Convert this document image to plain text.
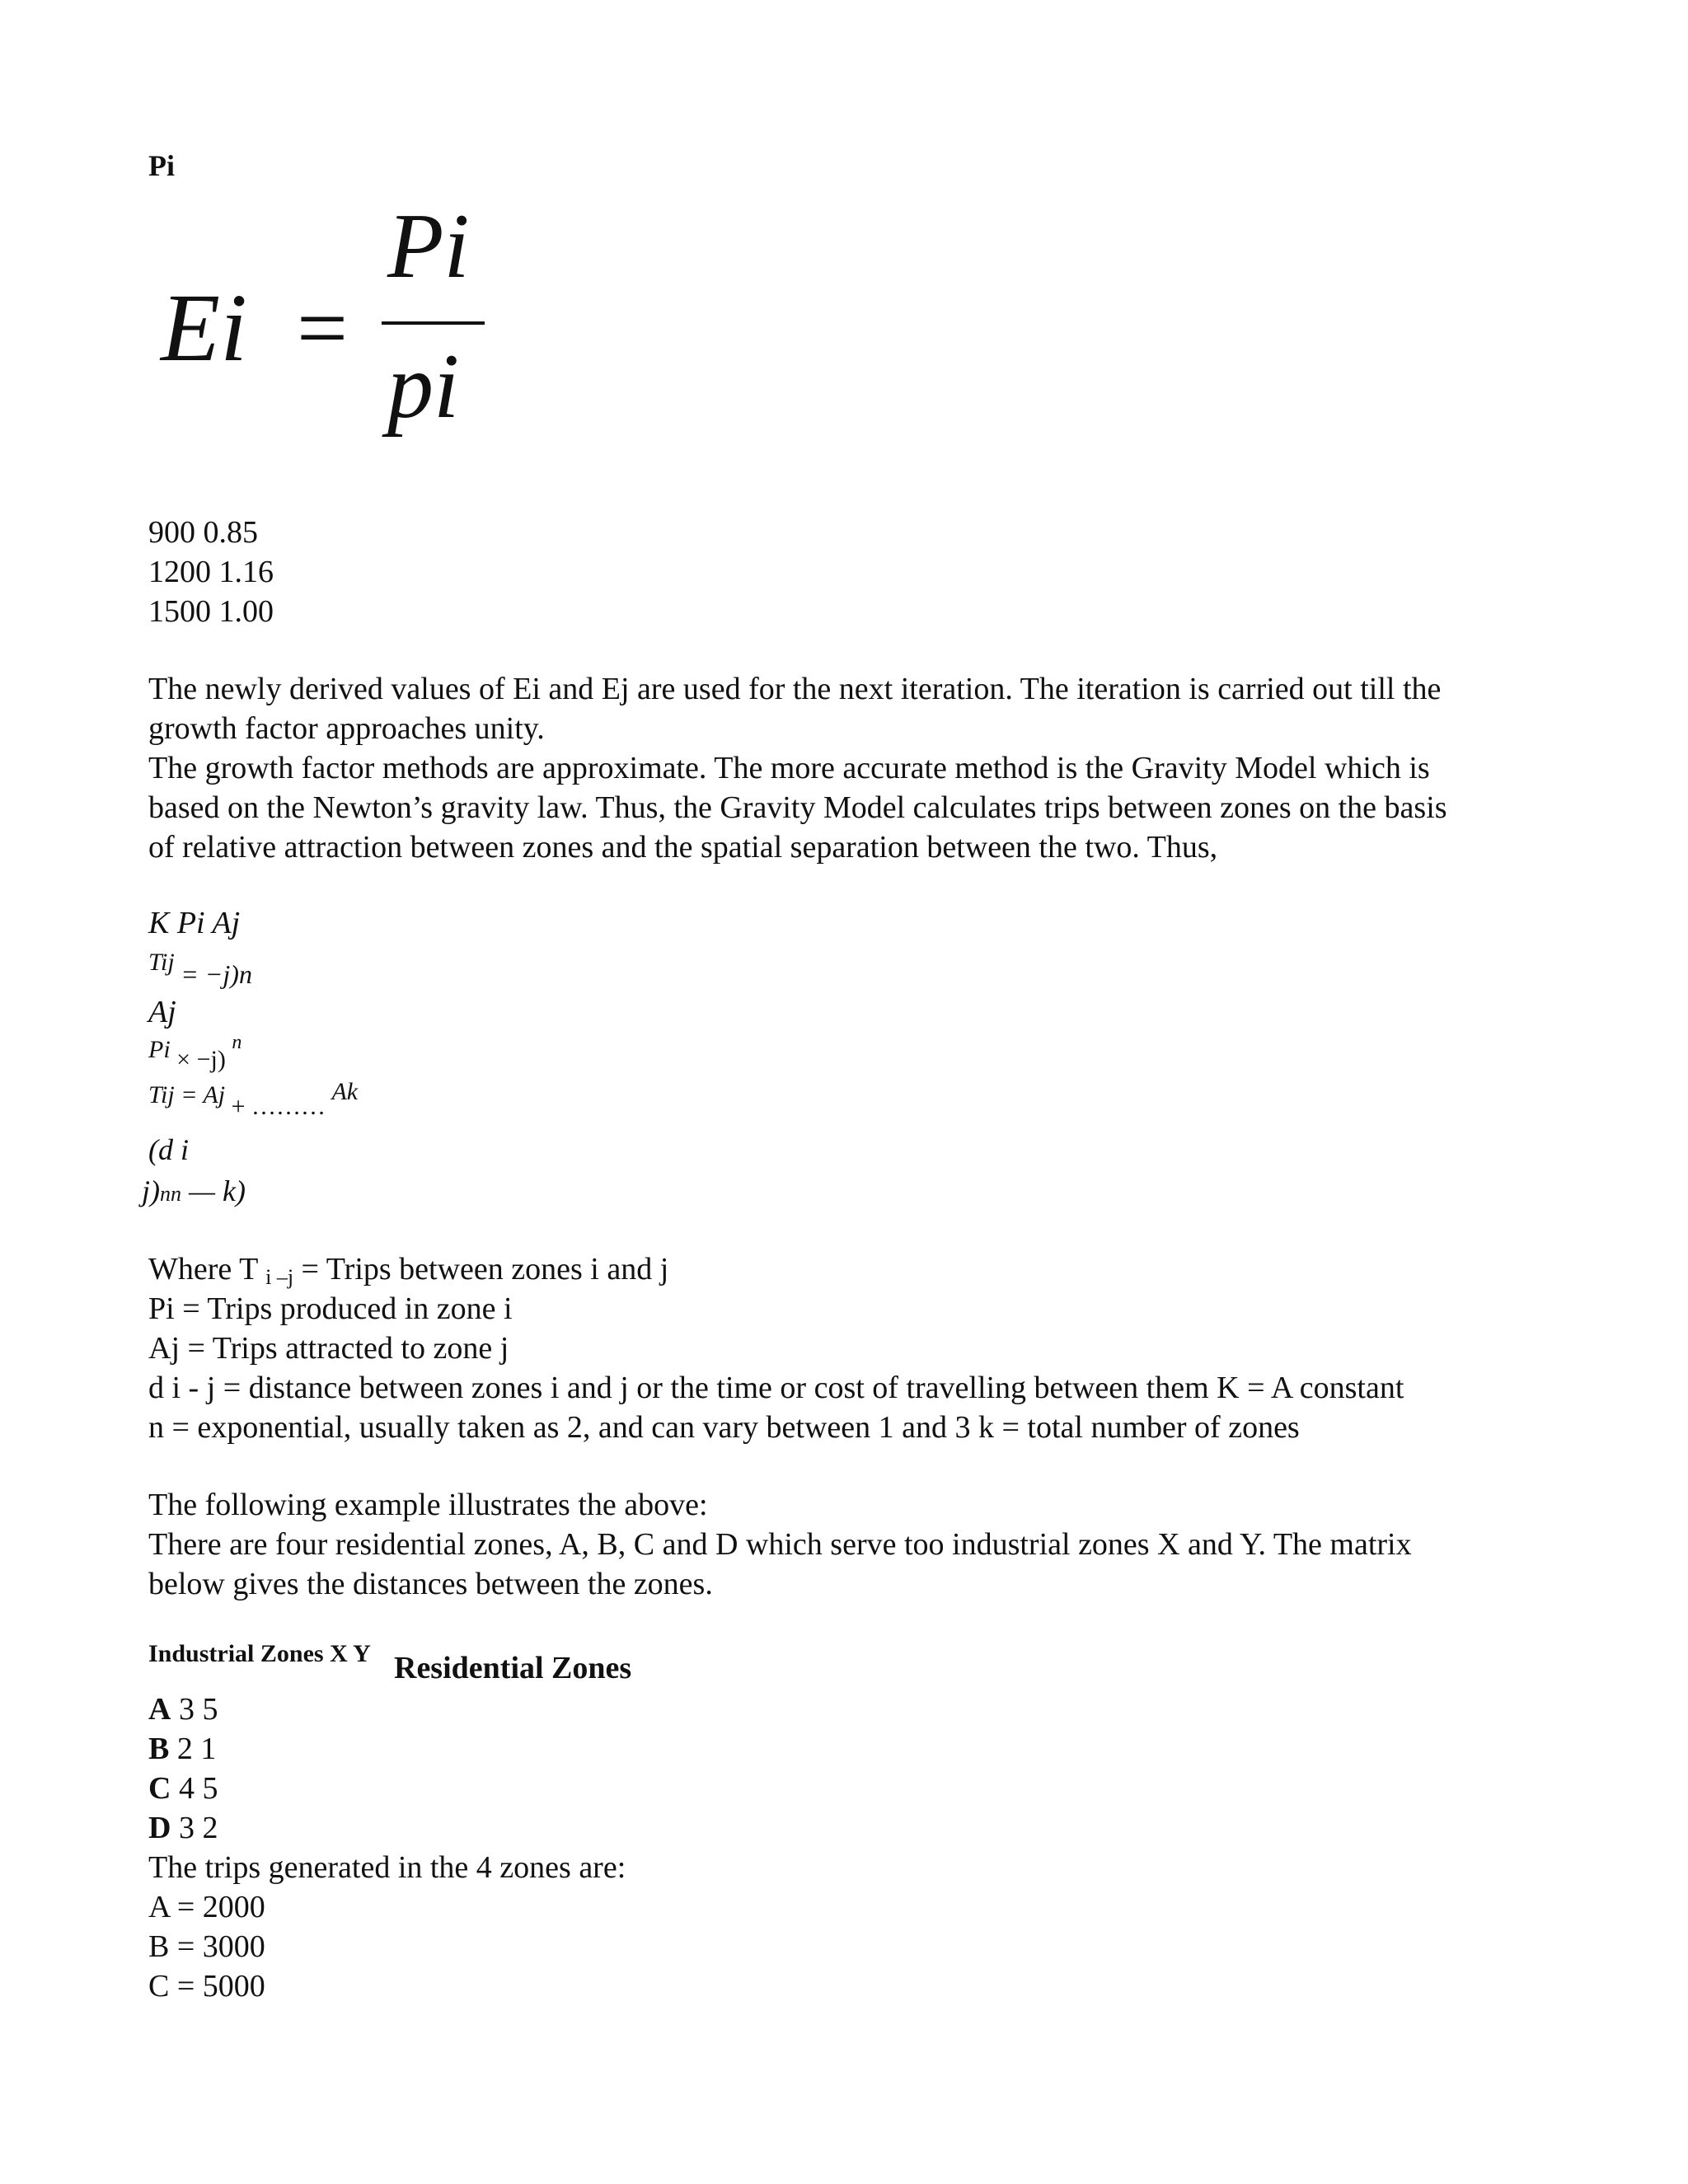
Pi
Ei =
Pi
pi
900 0.85
1200 1.16
1500 1.00
The newly derived values of Ei and Ej are used for the next iteration. The iteration is carried out till the
growth factor approaches unity.
The growth factor methods are approximate. The more accurate method is the Gravity Model which is
based on the Newton’s gravity law. Thus, the Gravity Model calculates trips between zones on the basis
of relative attraction between zones and the spatial separation between the two. Thus,
K Pi Aj
Tij = −j)n
Aj
Pi × −j) $^n$
Tij = Aj + ……… Ak
(d i
j)nn — k)
Where T i –j = Trips between zones i and j
Pi = Trips produced in zone i
Aj = Trips attracted to zone j
d i - j = distance between zones i and j or the time or cost of travelling between them K = A constant
n = exponential, usually taken as 2, and can vary between 1 and 3 k = total number of zones
The following example illustrates the above:
There are four residential zones, A, B, C and D which serve too industrial zones X and Y. The matrix
below gives the distances between the zones.
Industrial Zones X Y Residential Zones
A 3 5
B 2 1
C 4 5
D 3 2
The trips generated in the 4 zones are:
A = 2000
B = 3000
C = 5000
